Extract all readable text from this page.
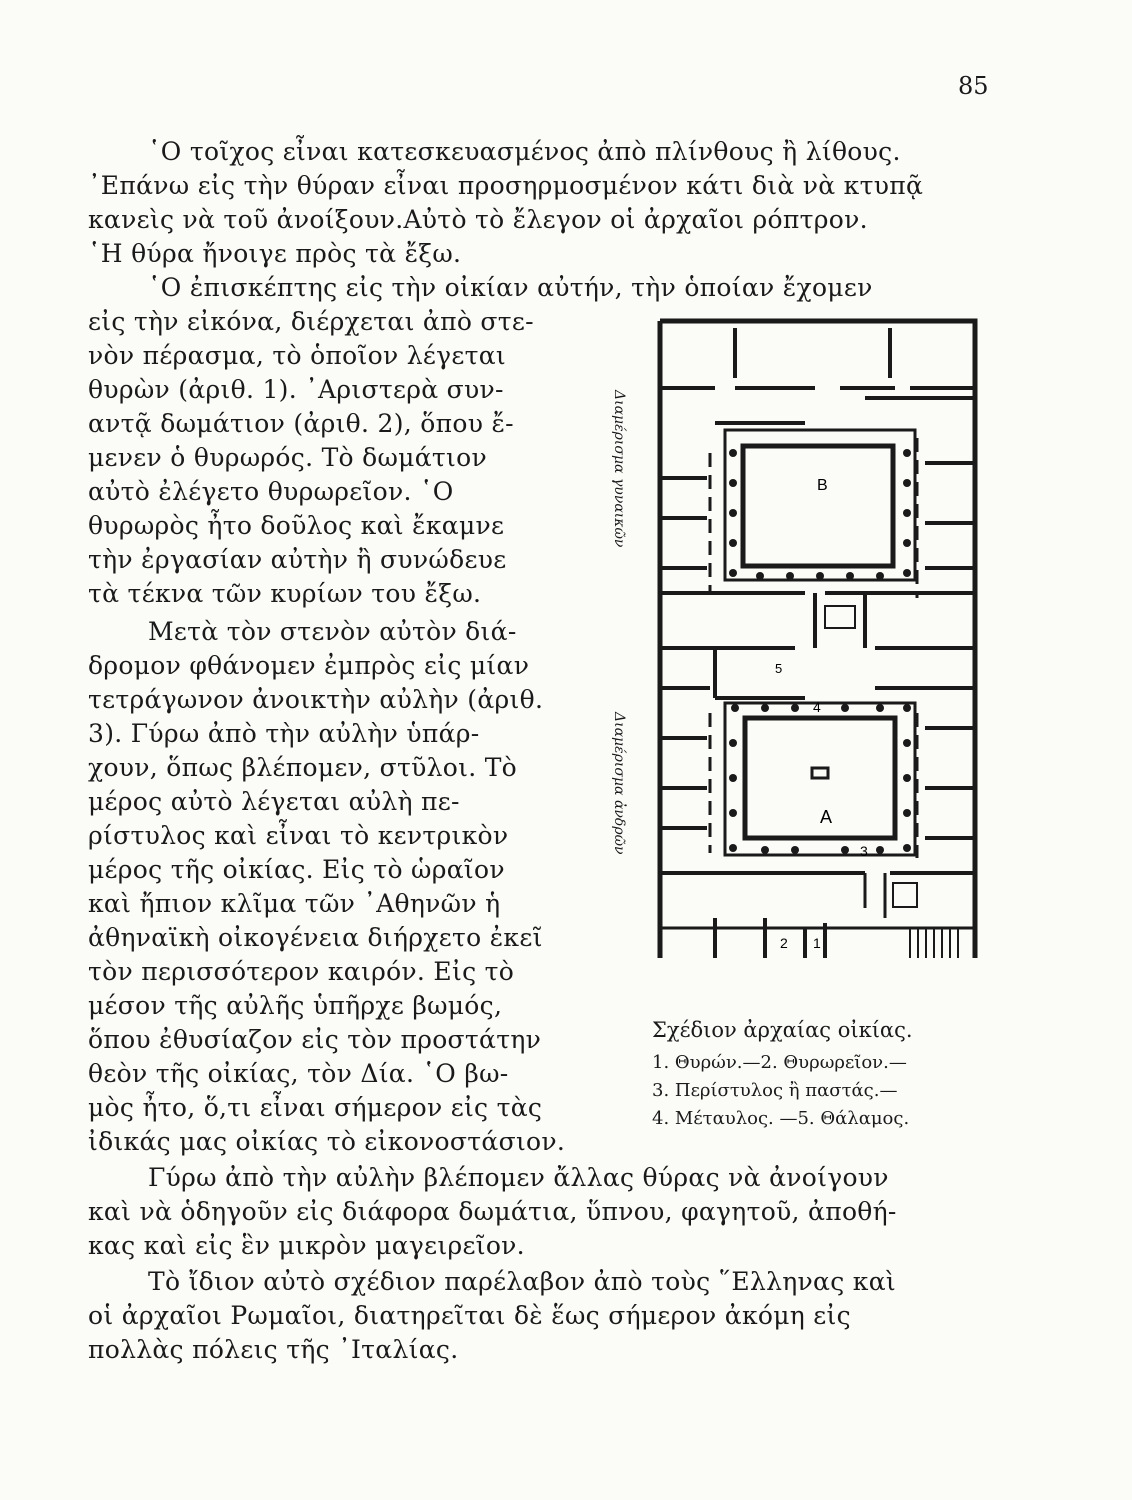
85
῾Ο τοῖχος εἶναι κατεσκευασμένος ἀπὸ πλίνθους ἢ λίθους.
᾿Επάνω εἰς τὴν θύραν εἶναι προσηρμοσμένον κάτι διὰ νὰ κτυπᾷ
κανεὶς νὰ τοῦ ἀνοίξουν.Αὐτὸ τὸ ἔλεγον οἱ ἀρχαῖοι ρόπτρον.
῾Η θύρα ἤνοιγε πρὸς τὰ ἔξω.
῾Ο ἐπισκέπτης εἰς τὴν οἰκίαν αὐτήν, τὴν ὁποίαν ἔχομεν
εἰς τὴν εἰκόνα, διέρχεται ἀπὸ στε-
νὸν πέρασμα, τὸ ὁποῖον λέγεται
θυρὼν (ἀριθ. 1). ᾿Αριστερὰ συν-
αντᾷ δωμάτιον (ἀριθ. 2), ὅπου ἔ-
μενεν ὁ θυρωρός. Τὸ δωμάτιον
αὐτὸ ἐλέγετο θυρωρεῖον. ῾Ο
θυρωρὸς ἦτο δοῦλος καὶ ἔκαμνε
τὴν ἐργασίαν αὐτὴν ἢ συνώδευε
τὰ τέκνα τῶν κυρίων του ἔξω.
Μετὰ τὸν στενὸν αὐτὸν διά-
δρομον φθάνομεν ἐμπρὸς εἰς μίαν
τετράγωνον ἀνοικτὴν αὐλὴν (ἀριθ.
3). Γύρω ἀπὸ τὴν αὐλὴν ὑπάρ-
χουν, ὅπως βλέπομεν, στῦλοι. Τὸ
μέρος αὐτὸ λέγεται αὐλὴ πε-
ρίστυλος καὶ εἶναι τὸ κεντρικὸν
μέρος τῆς οἰκίας. Εἰς τὸ ὡραῖον
καὶ ἤπιον κλῖμα τῶν ᾿Αθηνῶν ἡ
ἀθηναϊκὴ οἰκογένεια διήρχετο ἐκεῖ
τὸν περισσότερον καιρόν. Εἰς τὸ
μέσον τῆς αὐλῆς ὑπῆρχε βωμός,
ὅπου ἐθυσίαζον εἰς τὸν προστάτην
θεὸν τῆς οἰκίας, τὸν Δία. ῾Ο βω-
μὸς ἦτο, ὅ,τι εἶναι σήμερον εἰς τὰς
ἰδικάς μας οἰκίας τὸ εἰκονοστάσιον.
Γύρω ἀπὸ τὴν αὐλὴν βλέπομεν ἄλλας θύρας νὰ ἀνοίγουν
καὶ νὰ ὁδηγοῦν εἰς διάφορα δωμάτια, ὕπνου, φαγητοῦ, ἀποθή-
κας καὶ εἰς ἓν μικρὸν μαγειρεῖον.
Τὸ ἴδιον αὐτὸ σχέδιον παρέλαβον ἀπὸ τοὺς ῞Ελληνας καὶ
οἱ ἀρχαῖοι Ρωμαῖοι, διατηρεῖται δὲ ἕως σήμερον ἀκόμη εἰς
πολλὰς πόλεις τῆς ᾿Ιταλίας.
Διαμέρισμα γυναικῶν
Διαμέρισμα ἀνδρῶν
Β
Α
5
4
3
2 1
Σχέδιον ἀρχαίας οἰκίας.
1. Θυρών.—2. Θυρωρεῖον.—
3. Περίστυλος ἢ παστάς.—
4. Μέταυλος. —5. Θάλαμος.
